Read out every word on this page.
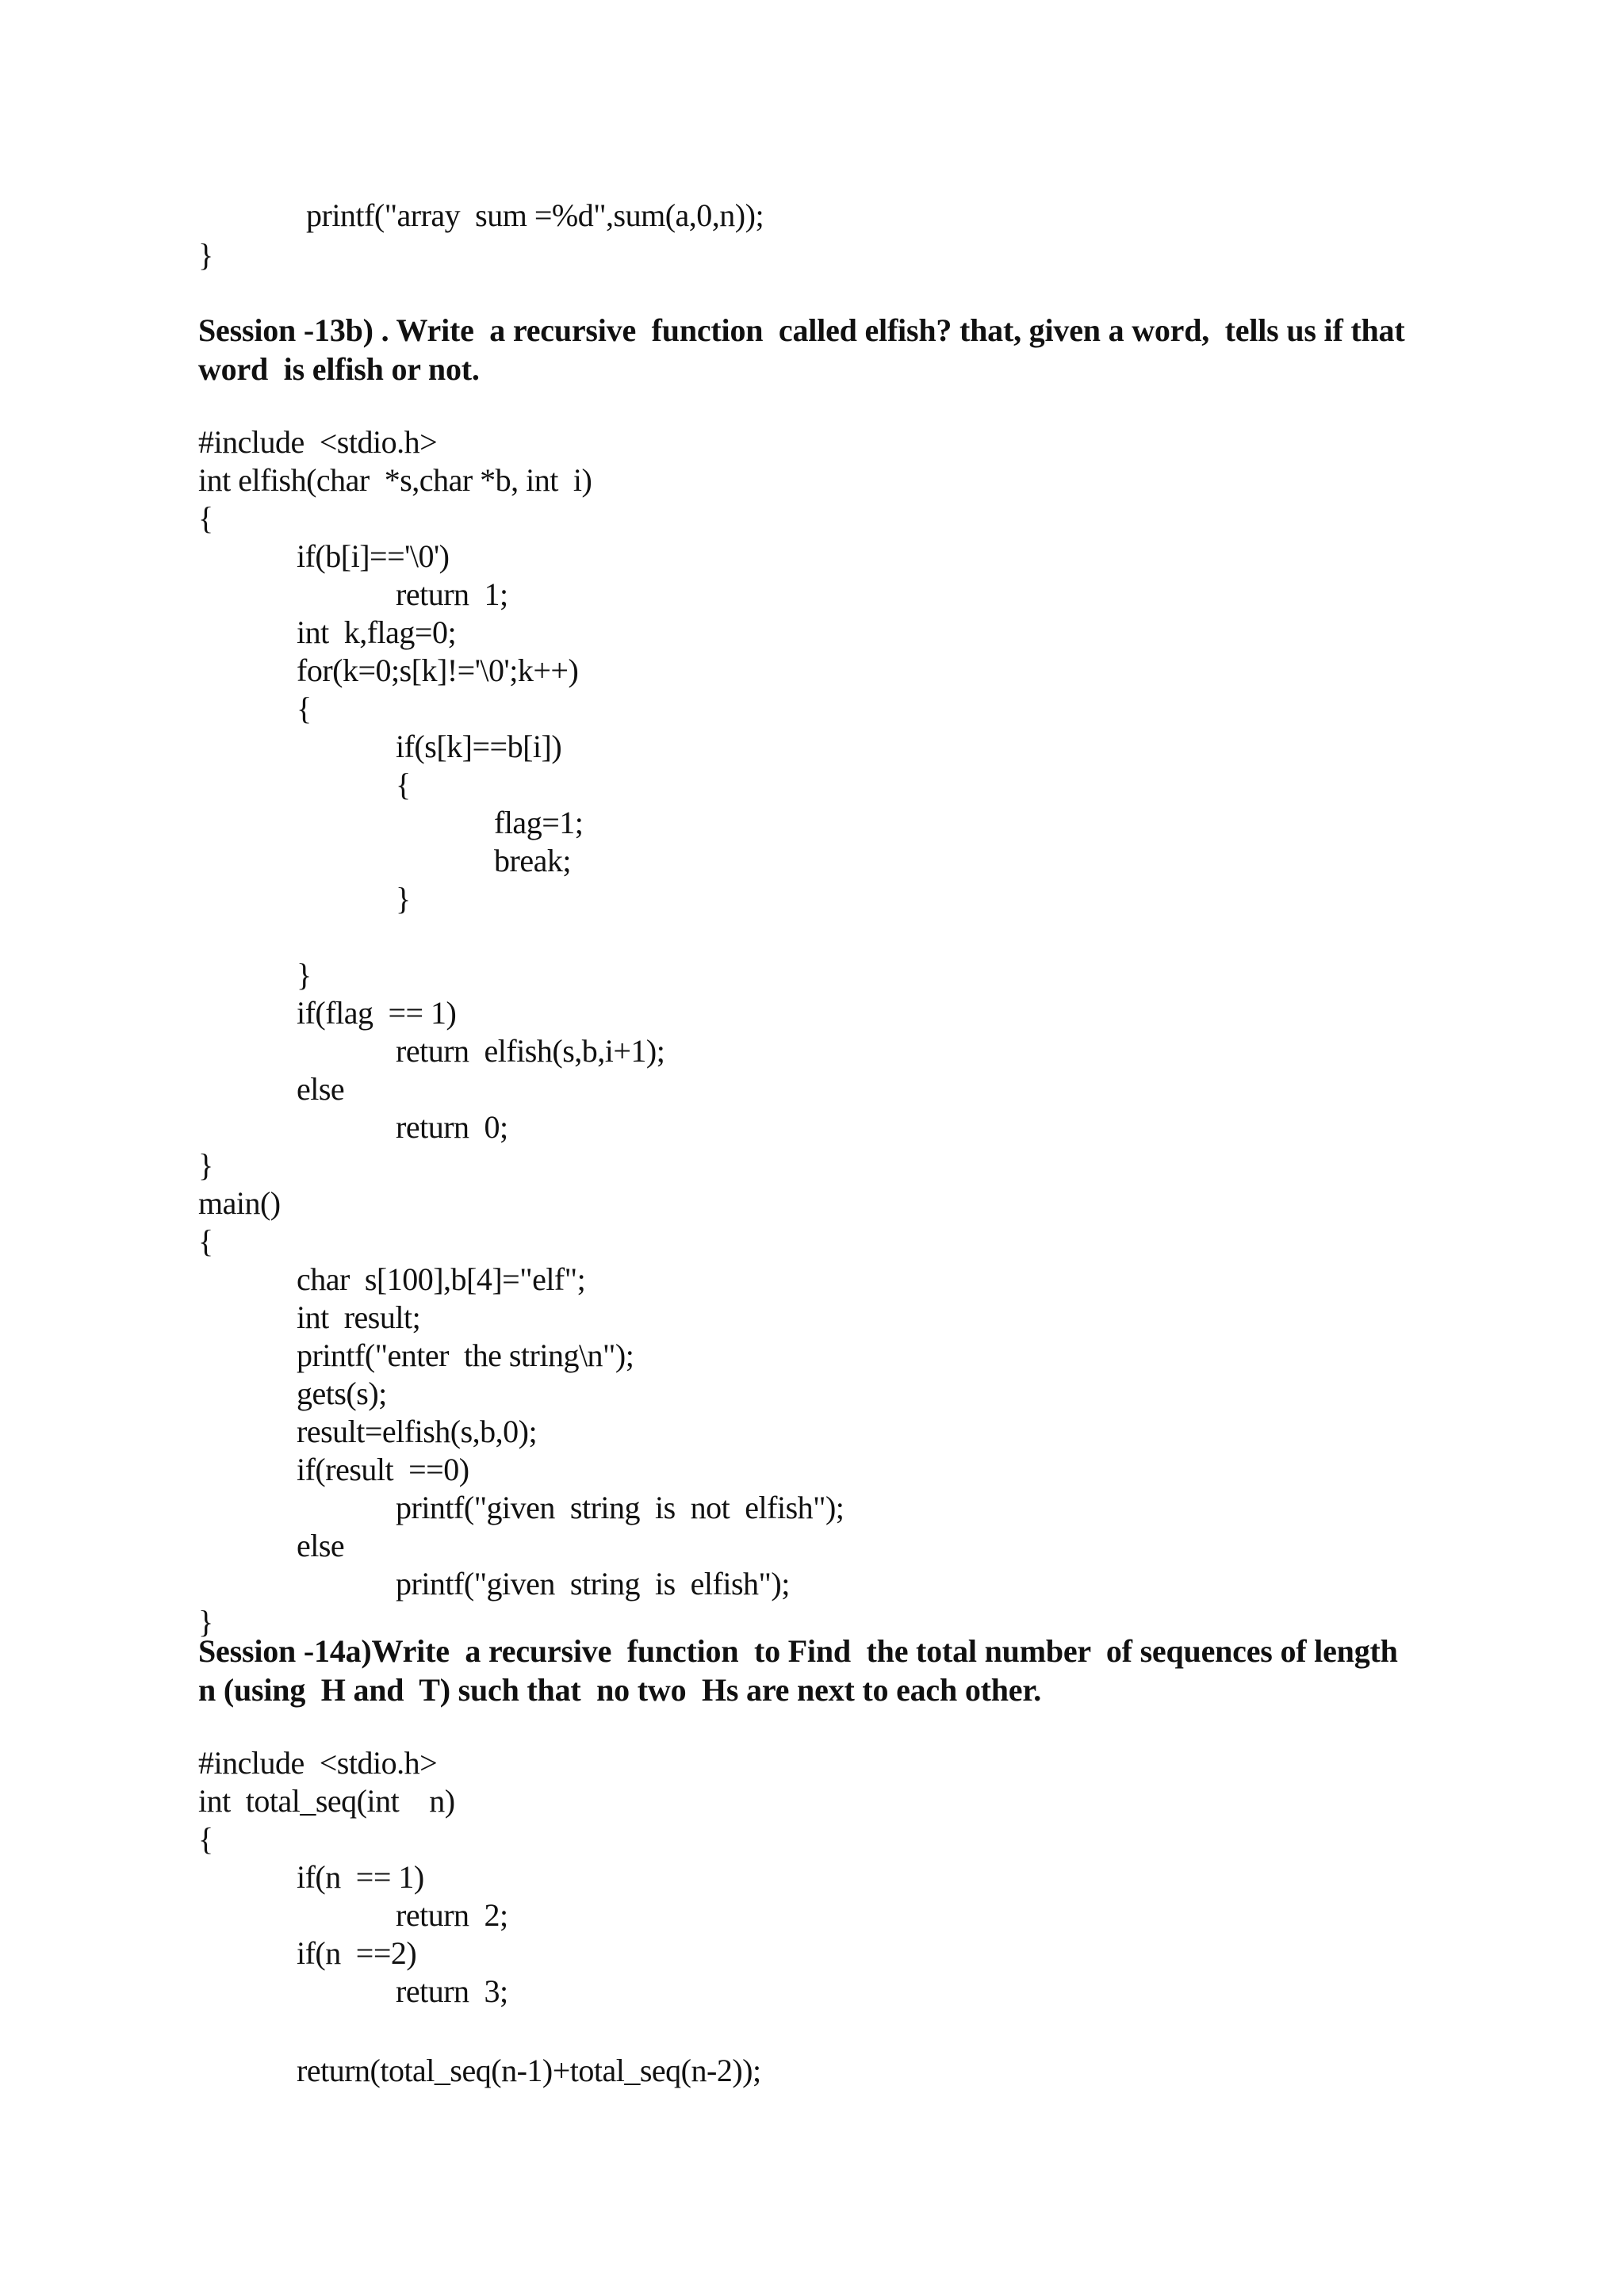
printf("array  sum =%d",sum(a,0,n));
}
Session -13b) . Write  a recursive  function  called elfish? that, given a word,  tells us if that
word  is elfish or not.
#include  <stdio.h>
int elfish(char  *s,char *b, int  i)
{
if(b[i]=='\0')
return  1;
int  k,flag=0;
for(k=0;s[k]!='\0';k++)
{
if(s[k]==b[i])
{
flag=1;
break;
}
}
if(flag  == 1)
return  elfish(s,b,i+1);
else
return  0;
}
main()
{
char  s[100],b[4]="elf";
int  result;
printf("enter  the string\n");
gets(s);
result=elfish(s,b,0);
if(result  ==0)
printf("given  string  is  not  elfish");
else
printf("given  string  is  elfish");
}
Session -14a)Write  a recursive  function  to Find  the total number  of sequences of length
n (using  H and  T) such that  no two  Hs are next to each other.
#include  <stdio.h>
int  total_seq(int    n)
{
if(n  == 1)
return  2;
if(n  ==2)
return  3;
return(total_seq(n-1)+total_seq(n-2));
